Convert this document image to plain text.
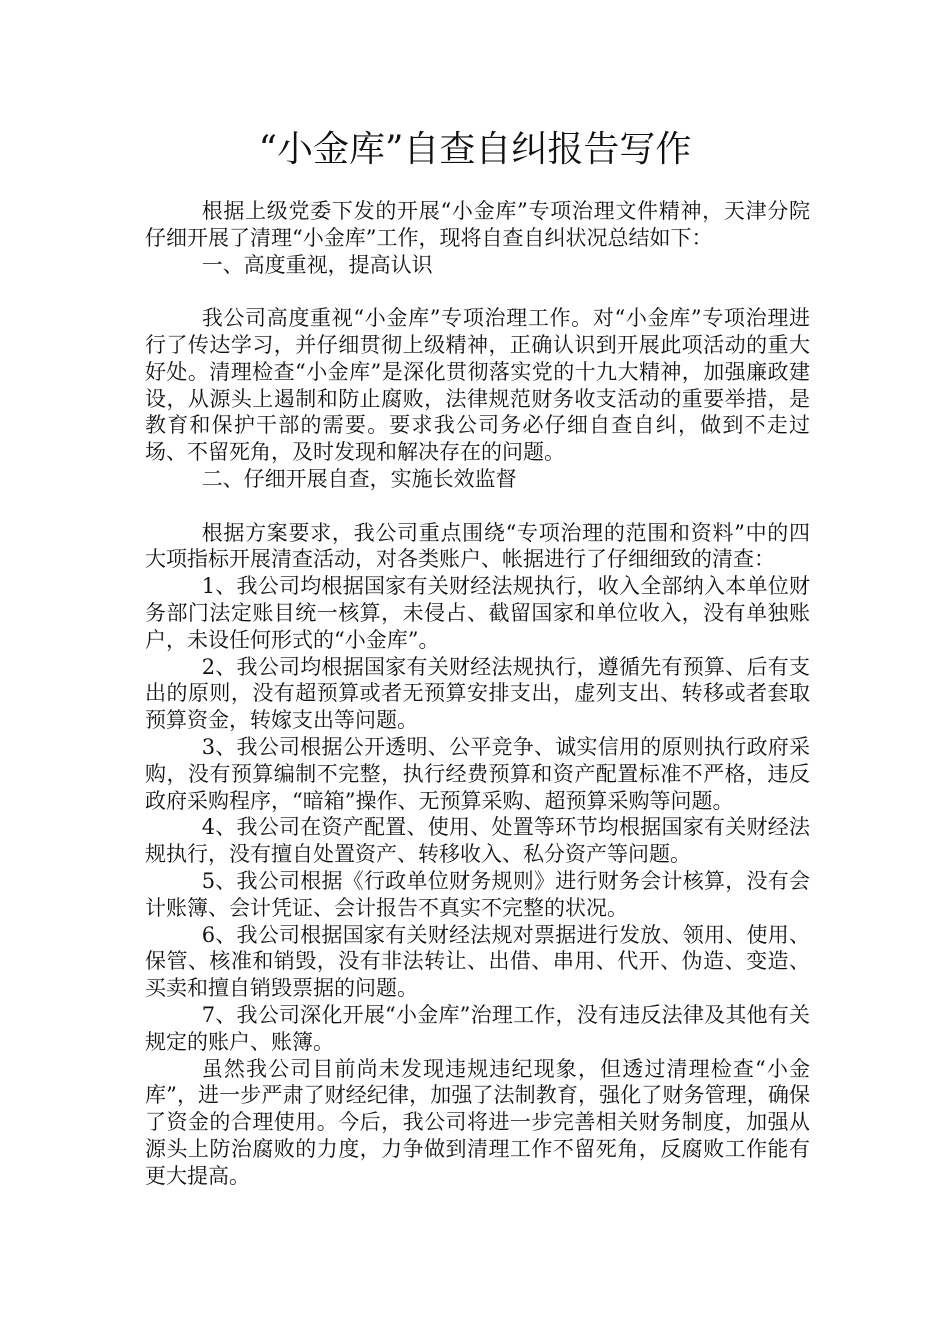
“小金库”自查自纠报告写作

根据上级党委下发的开展“小金库”专项治理文件精神，天津分院仔细开展了清理“小金库”工作，现将自查自纠状况总结如下：

一、高度重视，提高认识

我公司高度重视“小金库”专项治理工作。对“小金库”专项治理进行了传达学习，并仔细贯彻上级精神，正确认识到开展此项活动的重大好处。清理检查“小金库”是深化贯彻落实党的十九大精神，加强廉政建设，从源头上遏制和防止腐败，法律规范财务收支活动的重要举措，是教育和保护干部的需要。要求我公司务必仔细自查自纠，做到不走过场、不留死角，及时发现和解决存在的问题。

二、仔细开展自查，实施长效监督

根据方案要求，我公司重点围绕“专项治理的范围和资料”中的四大项指标开展清查活动，对各类账户、帐据进行了仔细细致的清查：

1、我公司均根据国家有关财经法规执行，收入全部纳入本单位财务部门法定账目统一核算，未侵占、截留国家和单位收入，没有单独账户，未设任何形式的“小金库”。

2、我公司均根据国家有关财经法规执行，遵循先有预算、后有支出的原则，没有超预算或者无预算安排支出，虚列支出、转移或者套取预算资金，转嫁支出等问题。

3、我公司根据公开透明、公平竞争、诚实信用的原则执行政府采购，没有预算编制不完整，执行经费预算和资产配置标准不严格，违反政府采购程序，“暗箱”操作、无预算采购、超预算采购等问题。

4、我公司在资产配置、使用、处置等环节均根据国家有关财经法规执行，没有擅自处置资产、转移收入、私分资产等问题。

5、我公司根据《行政单位财务规则》进行财务会计核算，没有会计账簿、会计凭证、会计报告不真实不完整的状况。

6、我公司根据国家有关财经法规对票据进行发放、领用、使用、保管、核准和销毁，没有非法转让、出借、串用、代开、伪造、变造、买卖和擅自销毁票据的问题。

7、我公司深化开展“小金库”治理工作，没有违反法律及其他有关规定的账户、账簿。

虽然我公司目前尚未发现违规违纪现象，但透过清理检查“小金库”，进一步严肃了财经纪律，加强了法制教育，强化了财务管理，确保了资金的合理使用。今后，我公司将进一步完善相关财务制度，加强从源头上防治腐败的力度，力争做到清理工作不留死角，反腐败工作能有更大提高。
